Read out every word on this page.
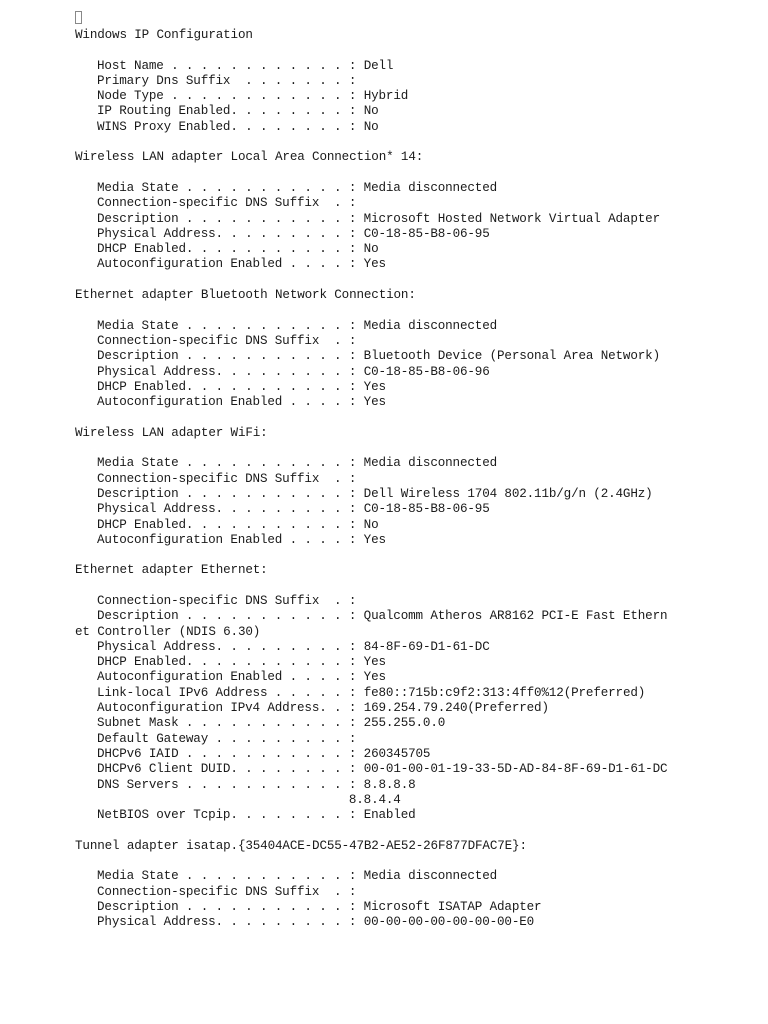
Windows IP Configuration
Host Name . . . . . . . . . . . . : Dell
Primary Dns Suffix  . . . . . . . :
Node Type . . . . . . . . . . . . : Hybrid
IP Routing Enabled. . . . . . . . : No
WINS Proxy Enabled. . . . . . . . : No
Wireless LAN adapter Local Area Connection* 14:
Media State . . . . . . . . . . . : Media disconnected
Connection-specific DNS Suffix  . :
Description . . . . . . . . . . . : Microsoft Hosted Network Virtual Adapter
Physical Address. . . . . . . . . : C0-18-85-B8-06-95
DHCP Enabled. . . . . . . . . . . : No
Autoconfiguration Enabled . . . . : Yes
Ethernet adapter Bluetooth Network Connection:
Media State . . . . . . . . . . . : Media disconnected
Connection-specific DNS Suffix  . :
Description . . . . . . . . . . . : Bluetooth Device (Personal Area Network)
Physical Address. . . . . . . . . : C0-18-85-B8-06-96
DHCP Enabled. . . . . . . . . . . : Yes
Autoconfiguration Enabled . . . . : Yes
Wireless LAN adapter WiFi:
Media State . . . . . . . . . . . : Media disconnected
Connection-specific DNS Suffix  . :
Description . . . . . . . . . . . : Dell Wireless 1704 802.11b/g/n (2.4GHz)
Physical Address. . . . . . . . . : C0-18-85-B8-06-95
DHCP Enabled. . . . . . . . . . . : No
Autoconfiguration Enabled . . . . : Yes
Ethernet adapter Ethernet:
Connection-specific DNS Suffix  . :
Description . . . . . . . . . . . : Qualcomm Atheros AR8162 PCI-E Fast Ethern
et Controller (NDIS 6.30)
Physical Address. . . . . . . . . : 84-8F-69-D1-61-DC
DHCP Enabled. . . . . . . . . . . : Yes
Autoconfiguration Enabled . . . . : Yes
Link-local IPv6 Address . . . . . : fe80::715b:c9f2:313:4ff0%12(Preferred)
Autoconfiguration IPv4 Address. . : 169.254.79.240(Preferred)
Subnet Mask . . . . . . . . . . . : 255.255.0.0
Default Gateway . . . . . . . . . :
DHCPv6 IAID . . . . . . . . . . . : 260345705
DHCPv6 Client DUID. . . . . . . . : 00-01-00-01-19-33-5D-AD-84-8F-69-D1-61-DC
DNS Servers . . . . . . . . . . . : 8.8.8.8
8.8.4.4
NetBIOS over Tcpip. . . . . . . . : Enabled
Tunnel adapter isatap.{35404ACE-DC55-47B2-AE52-26F877DFAC7E}:
Media State . . . . . . . . . . . : Media disconnected
Connection-specific DNS Suffix  . :
Description . . . . . . . . . . . : Microsoft ISATAP Adapter
Physical Address. . . . . . . . . : 00-00-00-00-00-00-00-E0
